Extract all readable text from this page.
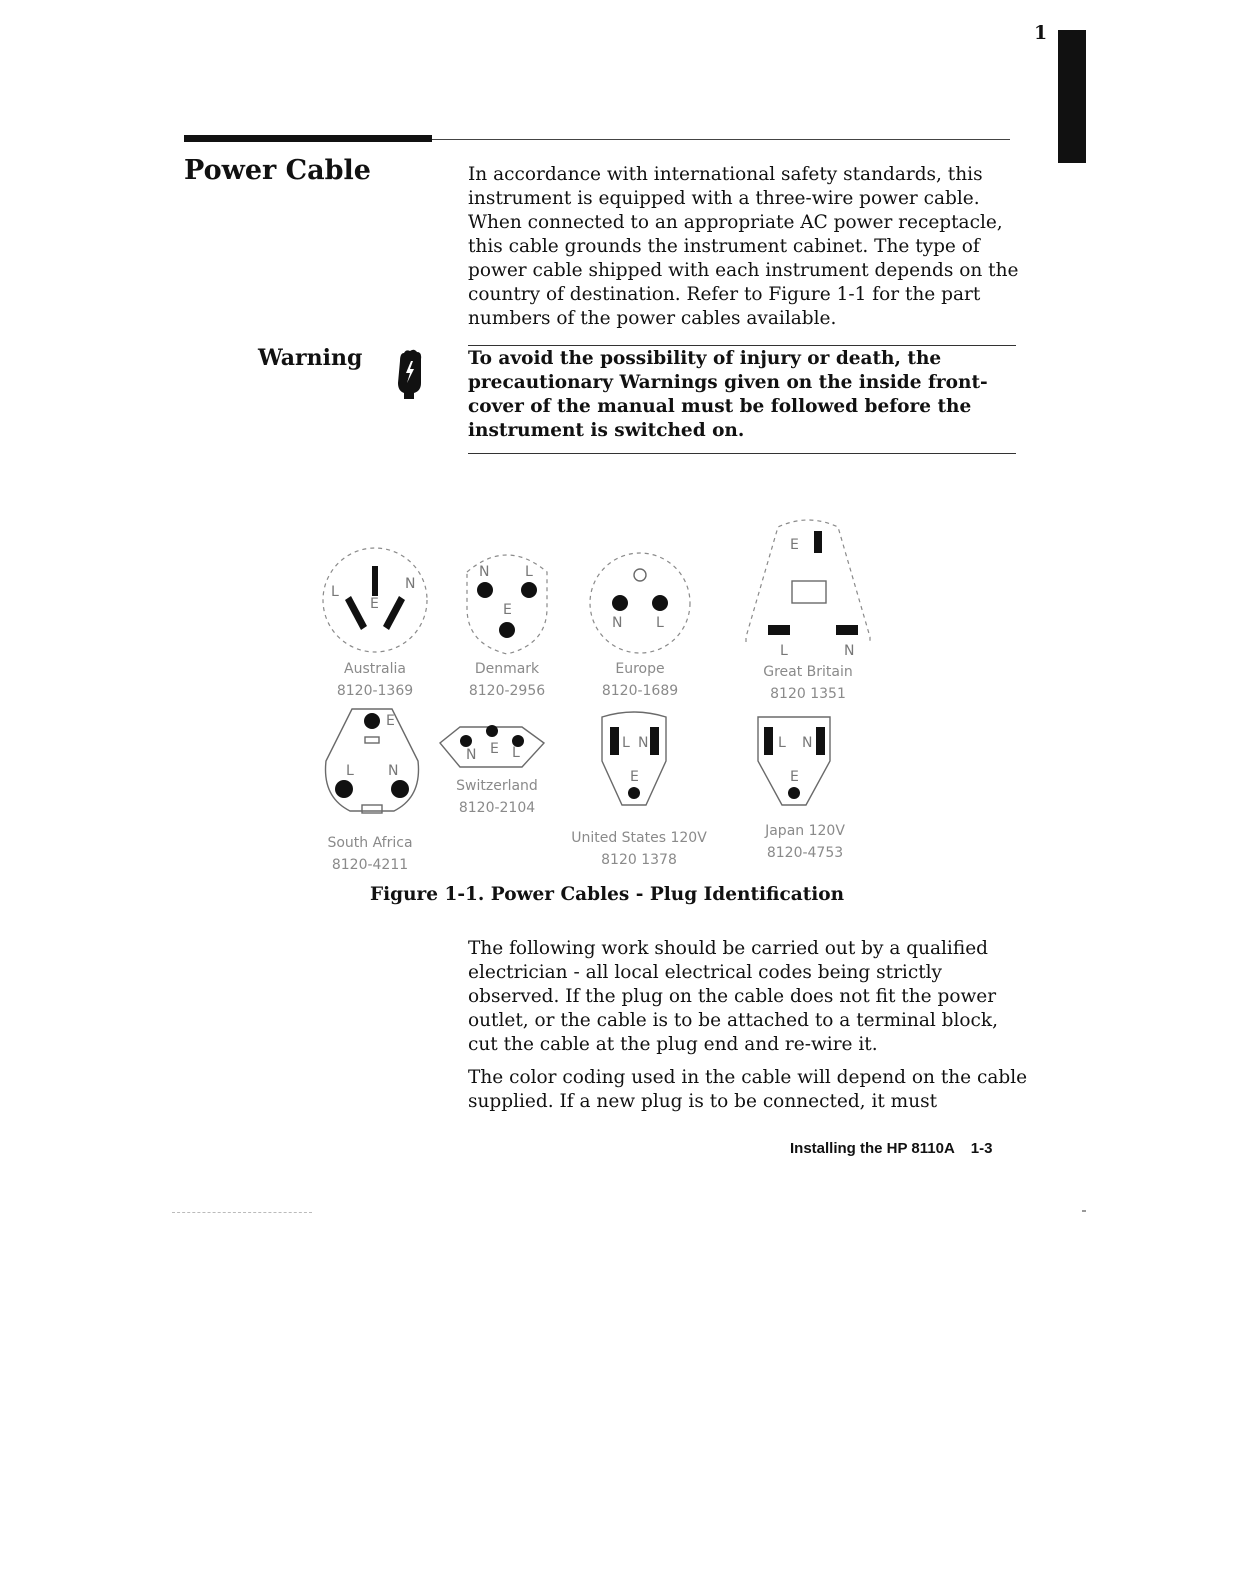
1
Power Cable	In accordance with international safety standards, this instrument is equipped with a three-wire power cable. When connected to an appropriate AC power receptacle, this cable grounds the instrument cabinet. The type of power cable shipped with each instrument depends on the country of destination. Refer to Figure 1-1 for the part numbers of the power cables available.
Warning	To avoid the possibility of injury or death, the precautionary Warnings given on the inside front-cover of the manual must be followed before the instrument is switched on.
L
E
N
N	L
E
N L
E
L	N
E
L N
N E L
L N
E
L N
E
Australia
8120-1369
Denmark
8120-2956
Europe
8120-1689
Great Britain
8120 1351
South Africa
8120-4211
Switzerland
8120-2104
United States 120V
8120 1378
Japan 120V
8120-4753
Figure 1-1. Power Cables - Plug Identification
The following work should be carried out by a qualified electrician - all local electrical codes being strictly observed. If the plug on the cable does not fit the power outlet, or the cable is to be attached to a terminal block, cut the cable at the plug end and re-wire it.
The color coding used in the cable will depend on the cable supplied. If a new plug is to be connected, it must
Installing the HP 8110A 1-3
